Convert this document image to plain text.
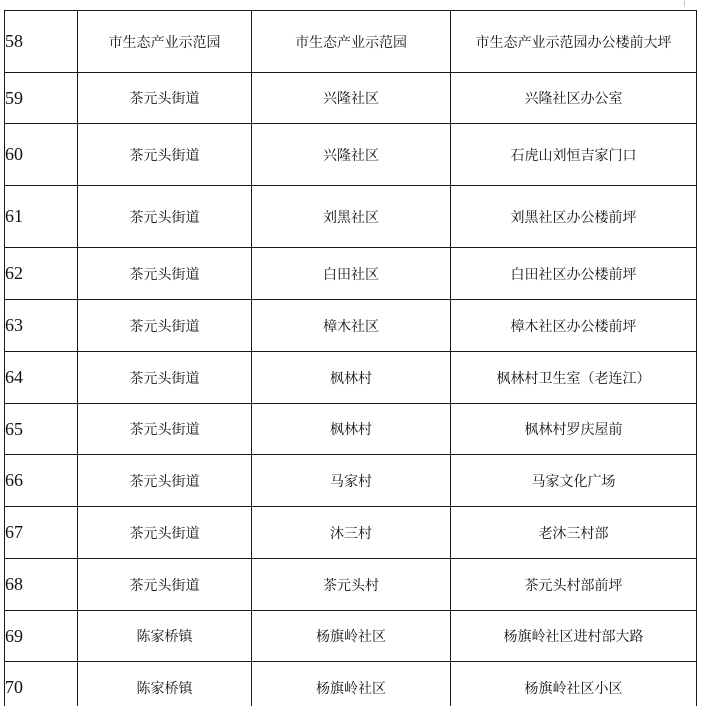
58	市生态产业示范园	市生态产业示范园	市生态产业示范园办公楼前大坪
59	茶元头街道	兴隆社区	兴隆社区办公室
60	茶元头街道	兴隆社区	石虎山刘恒吉家门口
61	茶元头街道	刘黑社区	刘黑社区办公楼前坪
62	茶元头街道	白田社区	白田社区办公楼前坪
63	茶元头街道	樟木社区	樟木社区办公楼前坪
64	茶元头街道	枫林村	枫林村卫生室（老连江）
65	茶元头街道	枫林村	枫林村罗庆屋前
66	茶元头街道	马家村	马家文化广场
67	茶元头街道	沐三村	老沐三村部
68	茶元头街道	茶元头村	茶元头村部前坪
69	陈家桥镇	杨旗岭社区	杨旗岭社区进村部大路
70	陈家桥镇	杨旗岭社区	杨旗岭社区小区
